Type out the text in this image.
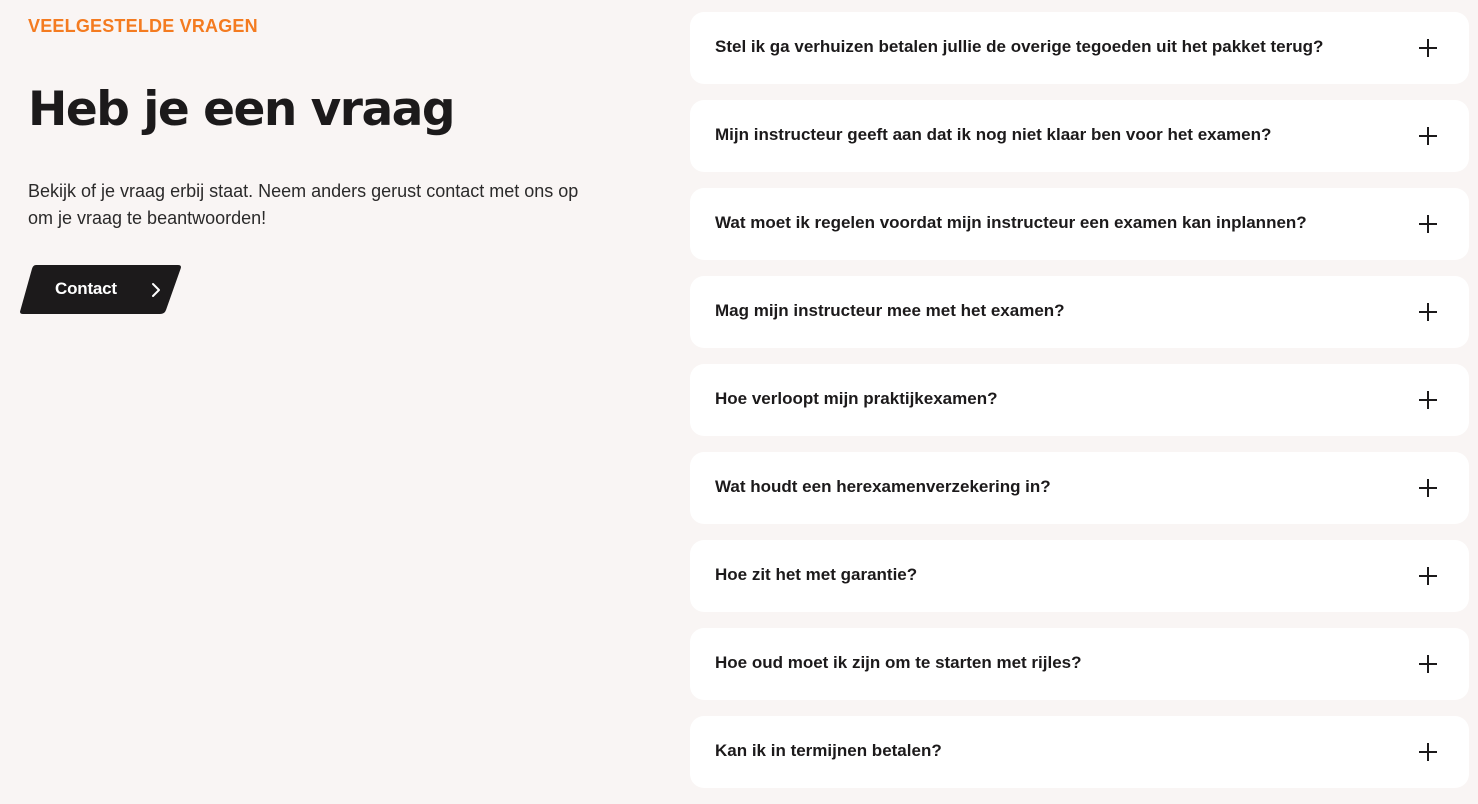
VEELGESTELDE VRAGEN
Heb je een vraag

Bekijk of je vraag erbij staat. Neem anders gerust contact met ons op om je vraag te beantwoorden!

Contact
Stel ik ga verhuizen betalen jullie de overige tegoeden uit het pakket terug?
Mijn instructeur geeft aan dat ik nog niet klaar ben voor het examen?
Wat moet ik regelen voordat mijn instructeur een examen kan inplannen?
Mag mijn instructeur mee met het examen?
Hoe verloopt mijn praktijkexamen?
Wat houdt een herexamenverzekering in?
Hoe zit het met garantie?
Hoe oud moet ik zijn om te starten met rijles?
Kan ik in termijnen betalen?
